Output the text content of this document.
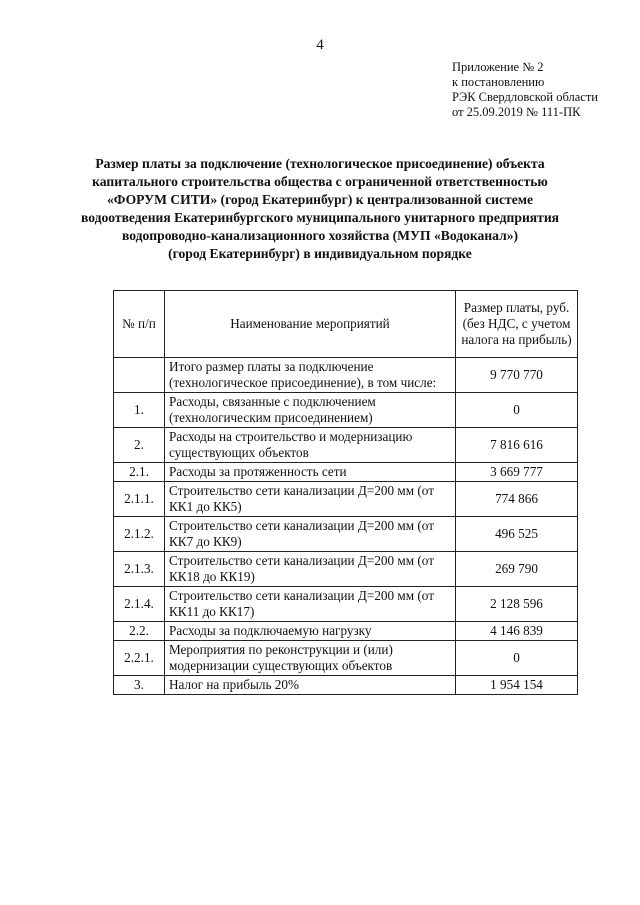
4
Приложение № 2
к постановлению
РЭК Свердловской области
от 25.09.2019 № 111-ПК
Размер платы за подключение (технологическое присоединение) объекта
капитального строительства общества с ограниченной ответственностью
«ФОРУМ СИТИ» (город Екатеринбург) к централизованной системе
водоотведения Екатеринбургского муниципального унитарного предприятия
водопроводно-канализационного хозяйства (МУП «Водоканал»)
(город Екатеринбург) в индивидуальном порядке
№ п/п	Наименование мероприятий	Размер платы, руб. (без НДС, с учетом налога на прибыль)
	Итого размер платы за подключение (технологическое присоединение), в том числе:	9 770 770
1.	Расходы, связанные с подключением (технологическим присоединением)	0
2.	Расходы на строительство и модернизацию существующих объектов	7 816 616
2.1.	Расходы за протяженность сети	3 669 777
2.1.1.	Строительство сети канализации Д=200 мм (от КК1 до КК5)	774 866
2.1.2.	Строительство сети канализации Д=200 мм (от КК7 до КК9)	496 525
2.1.3.	Строительство сети канализации Д=200 мм (от КК18 до КК19)	269 790
2.1.4.	Строительство сети канализации Д=200 мм (от КК11 до КК17)	2 128 596
2.2.	Расходы за подключаемую нагрузку	4 146 839
2.2.1.	Мероприятия по реконструкции и (или) модернизации существующих объектов	0
3.	Налог на прибыль 20%	1 954 154
